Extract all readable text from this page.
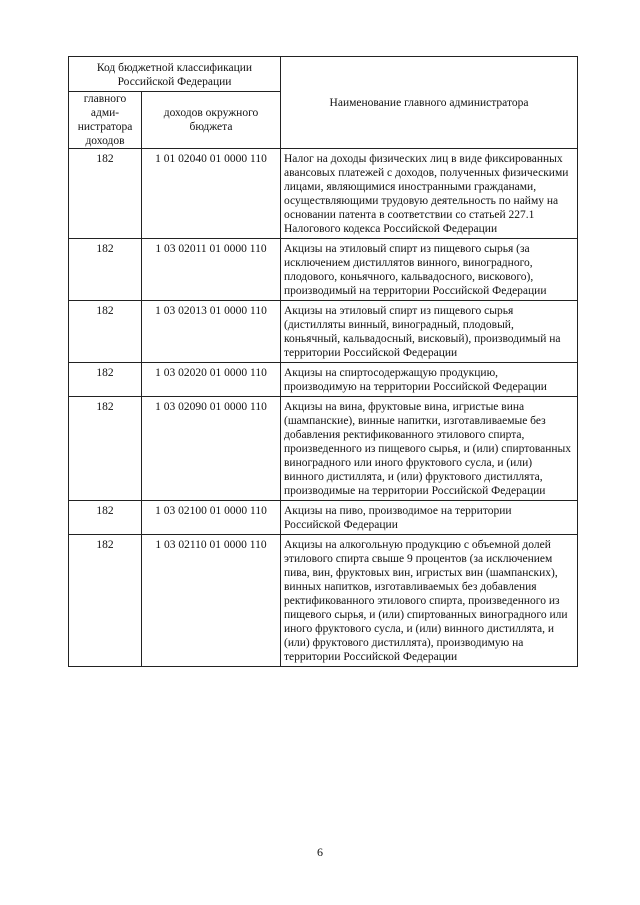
Код бюджетной классификации Российской Федерации		Наименование главного администратора
главного адми-нистратора доходов	доходов окружного бюджета	
182	1 01 02040 01 0000 110	Налог на доходы физических лиц в виде фиксированных авансовых платежей с доходов, полученных физическими лицами, являющимися иностранными гражданами, осуществляющими трудовую деятельность по найму на основании патента в соответствии со статьей 227.1 Налогового кодекса Российской Федерации
182	1 03 02011 01 0000 110	Акцизы на этиловый спирт из пищевого сырья (за исключением дистиллятов винного, виноградного, плодового, коньячного, кальвадосного, вискового), производимый на территории Российской Федерации
182	1 03 02013 01 0000 110	Акцизы на этиловый спирт из пищевого сырья (дистилляты винный, виноградный, плодовый, коньячный, кальвадосный, висковый), производимый на территории Российской Федерации
182	1 03 02020 01 0000 110	Акцизы на спиртосодержащую продукцию, производимую на территории Российской Федерации
182	1 03 02090 01 0000 110	Акцизы на вина, фруктовые вина, игристые вина (шампанские), винные напитки, изготавливаемые без добавления ректификованного этилового спирта, произведенного из пищевого сырья, и (или) спиртованных виноградного или иного фруктового сусла, и (или) винного дистиллята, и (или) фруктового дистиллята, производимые на территории Российской Федерации
182	1 03 02100 01 0000 110	Акцизы на пиво, производимое на территории Российской Федерации
182	1 03 02110 01 0000 110	Акцизы на алкогольную продукцию с объемной долей этилового спирта свыше 9 процентов (за исключением пива, вин, фруктовых вин, игристых вин (шампанских), винных напитков, изготавливаемых без добавления ректификованного этилового спирта, произведенного из пищевого сырья, и (или) спиртованных виноградного или иного фруктового сусла, и (или) винного дистиллята, и (или) фруктового дистиллята), производимую на территории Российской Федерации
6
